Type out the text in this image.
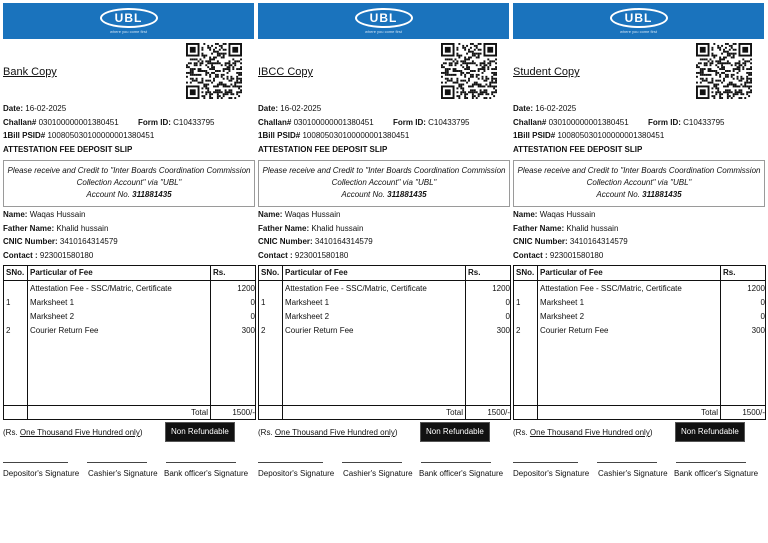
UBL
where you come first
Bank Copy
Date: 16-02-2025
Challan# 030100000001380451 Form ID: C10433795
1Bill PSID# 100805030100000001380451
ATTESTATION FEE DEPOSIT SLIP
Please receive and Credit to "Inter Boards Coordination Commission
Collection Account" via "UBL"
Account No. 311881435
Name: Waqas Hussain
Father Name: Khalid hussain
CNIC Number: 3410164314579
Contact : 923001580180
SNo. Particular of Fee	Rs.
Attestation Fee - SSC/Matric, Certificate	1200
1 Marksheet 1	0
Marksheet 2	0
2 Courier Return Fee	300
Total	1500/-
(Rs. One Thousand Five Hundred only)	Non Refundable
Depositor's Signature Cashier's Signature Bank officer's Signature
UBL
where you come first
IBCC Copy
Date: 16-02-2025
Challan# 030100000001380451 Form ID: C10433795
1Bill PSID# 100805030100000001380451
ATTESTATION FEE DEPOSIT SLIP
Please receive and Credit to "Inter Boards Coordination Commission
Collection Account" via "UBL"
Account No. 311881435
Name: Waqas Hussain
Father Name: Khalid hussain
CNIC Number: 3410164314579
Contact : 923001580180
SNo. Particular of Fee	Rs.
Attestation Fee - SSC/Matric, Certificate	1200
1 Marksheet 1	0
Marksheet 2	0
2 Courier Return Fee	300
Total	1500/-
(Rs. One Thousand Five Hundred only)	Non Refundable
Depositor's Signature Cashier's Signature Bank officer's Signature
UBL
where you come first
Student Copy
Date: 16-02-2025
Challan# 030100000001380451 Form ID: C10433795
1Bill PSID# 100805030100000001380451
ATTESTATION FEE DEPOSIT SLIP
Please receive and Credit to "Inter Boards Coordination Commission
Collection Account" via "UBL"
Account No. 311881435
Name: Waqas Hussain
Father Name: Khalid hussain
CNIC Number: 3410164314579
Contact : 923001580180
SNo. Particular of Fee	Rs.
Attestation Fee - SSC/Matric, Certificate	1200
1 Marksheet 1	0
Marksheet 2	0
2 Courier Return Fee	300
Total	1500/-
(Rs. One Thousand Five Hundred only)	Non Refundable
Depositor's Signature Cashier's Signature Bank officer's Signature
